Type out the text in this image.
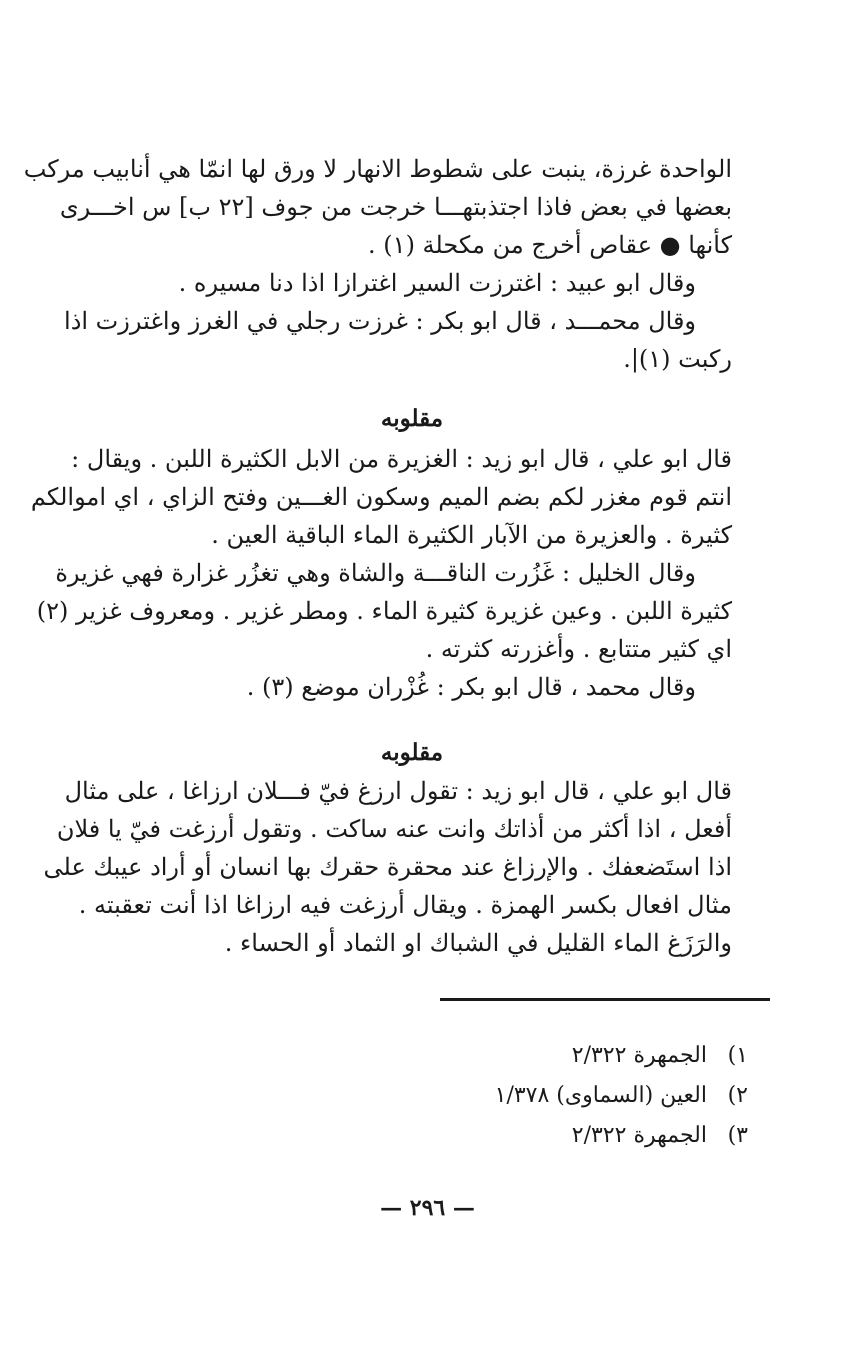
الواحدة غرزة، ينبت على شطوط الانهار لا ورق لها انمّا هي أنابيب مركب
بعضها في بعض فاذا اجتذبتهـــا خرجت من جوف [٢٢ ب] س اخـــرى
كأنها ● عقاص أخرج من مكحلة (١) .
وقال ابو عبيد : اغترزت السير اغترازا اذا دنا مسيره .
وقال محمـــد ، قال ابو بكر : غرزت رجلي في الغرز واغترزت اذا
ركبت (١)|.
مقلوبه
قال ابو علي ، قال ابو زيد : الغزيرة من الابل الكثيرة اللبن . ويقال :
انتم قوم مغزر لكم بضم الميم وسكون الغـــين وفتح الزاي ، اي اموالكم
كثيرة . والعزيرة من الآبار الكثيرة الماء الباقية العين .
وقال الخليل : غَزُرت الناقـــة والشاة وهي تغزُر غزارة فهي غزيرة
كثيرة اللبن . وعين غزيرة كثيرة الماء . ومطر غزير . ومعروف غزير (٢)
اي كثير متتابع . وأغزرته كثرته .
وقال محمد ، قال ابو بكر : غُزْران موضع (٣) .
مقلوبه
قال ابو علي ، قال ابو زيد : تقول ارزغ فيّ فـــلان ارزاغا ، على مثال
أفعل ، اذا أكثر من أذاتك وانت عنه ساكت . وتقول أرزغت فيّ يا فلان
اذا استَضعفك . والإرزاغ عند محقرة حقرك بها انسان أو أراد عيبك على
مثال افعال بكسر الهمزة . ويقال أرزغت فيه ارزاغا اذا أنت تعقبته .
والرَزَغ الماء القليل في الشباك او الثماد أو الحساء .
١) الجمهرة ٢/٣٢٢
٢) العين (السماوى) ١/٣٧٨
٣) الجمهرة ٢/٣٢٢
— ٢٩٦ —
